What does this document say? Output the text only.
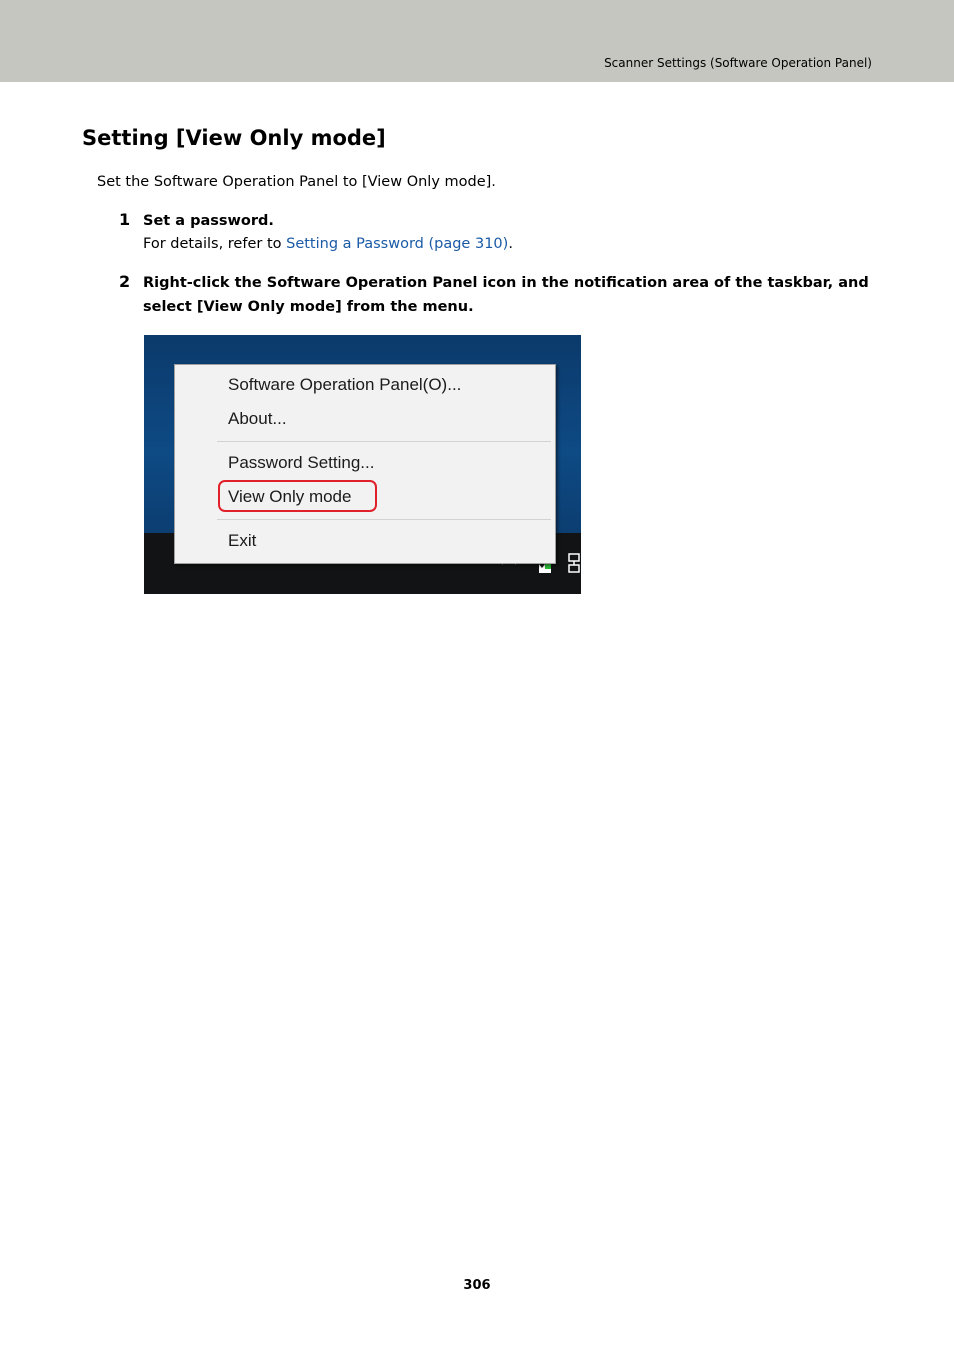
Scanner Settings (Software Operation Panel)
Setting [View Only mode]
Set the Software Operation Panel to [View Only mode].
1 Set a password.
For details, refer to Setting a Password (page 310).
2 Right-click the Software Operation Panel icon in the notification area of the taskbar, and select [View Only mode] from the menu.
Software Operation Panel(O)...
About...
Password Setting...
View Only mode
Exit
306
